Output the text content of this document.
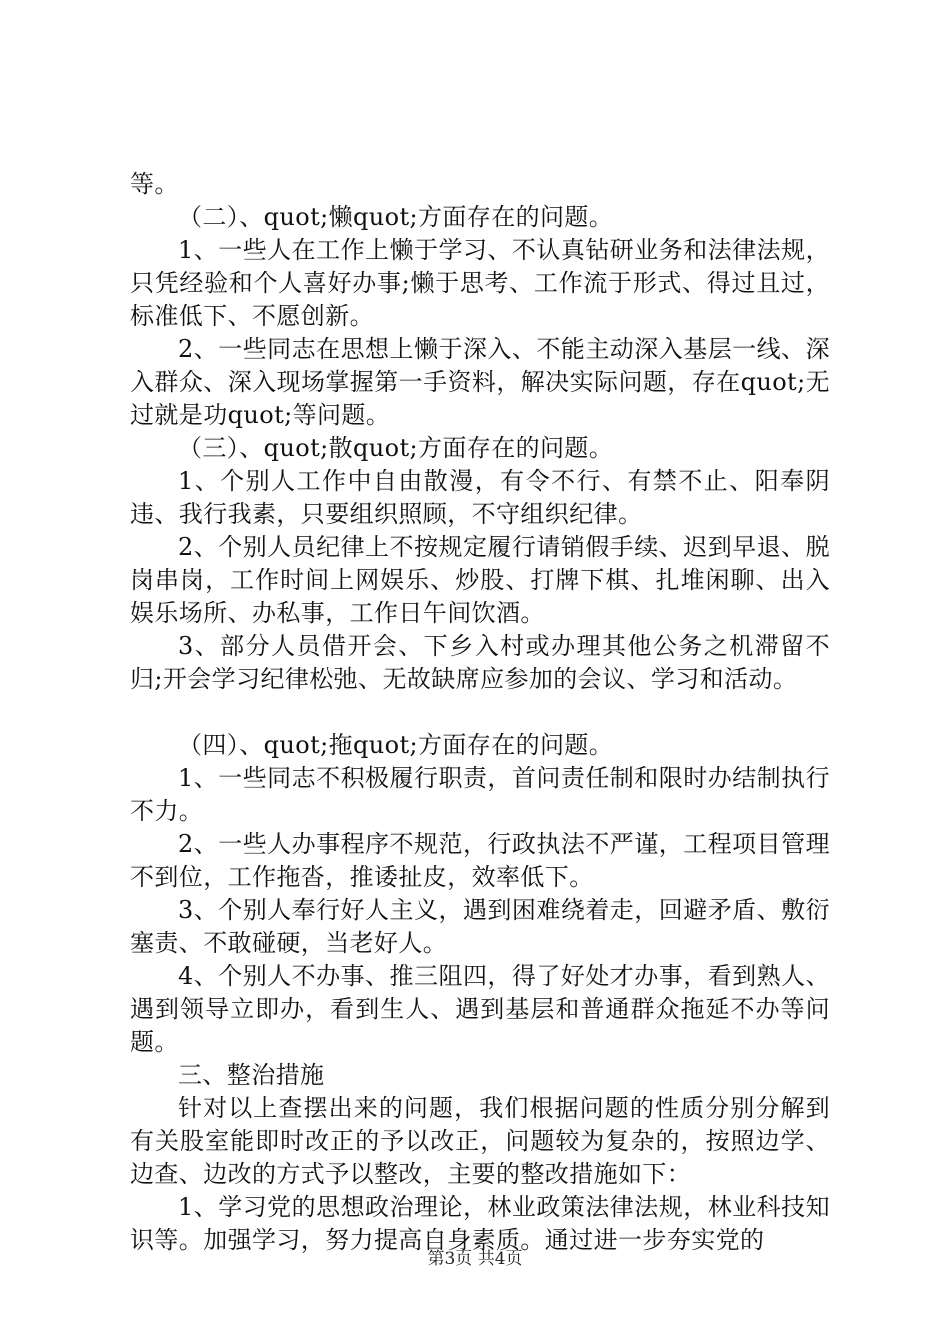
等。

（二）、quot;懒quot;方面存在的问题。

1、一些人在工作上懒于学习、不认真钻研业务和法律法规，只凭经验和个人喜好办事;懒于思考、工作流于形式、得过且过，标准低下、不愿创新。

2、一些同志在思想上懒于深入、不能主动深入基层一线、深入群众、深入现场掌握第一手资料，解决实际问题，存在quot;无过就是功quot;等问题。

（三）、quot;散quot;方面存在的问题。

1、个别人工作中自由散漫，有令不行、有禁不止、阳奉阴违、我行我素，只要组织照顾，不守组织纪律。

2、个别人员纪律上不按规定履行请销假手续、迟到早退、脱岗串岗，工作时间上网娱乐、炒股、打牌下棋、扎堆闲聊、出入娱乐场所、办私事，工作日午间饮酒。

3、部分人员借开会、下乡入村或办理其他公务之机滞留不归;开会学习纪律松弛、无故缺席应参加的会议、学习和活动。

（四）、quot;拖quot;方面存在的问题。

1、一些同志不积极履行职责，首问责任制和限时办结制执行不力。

2、一些人办事程序不规范，行政执法不严谨，工程项目管理不到位，工作拖沓，推诿扯皮，效率低下。

3、个别人奉行好人主义，遇到困难绕着走，回避矛盾、敷衍塞责、不敢碰硬，当老好人。

4、个别人不办事、推三阻四，得了好处才办事，看到熟人、遇到领导立即办，看到生人、遇到基层和普通群众拖延不办等问题。

三、整治措施

针对以上查摆出来的问题，我们根据问题的性质分别分解到有关股室能即时改正的予以改正，问题较为复杂的，按照边学、边查、边改的方式予以整改，主要的整改措施如下：

1、学习党的思想政治理论，林业政策法律法规，林业科技知识等。加强学习，努力提高自身素质。通过进一步夯实党的

第3页 共4页
